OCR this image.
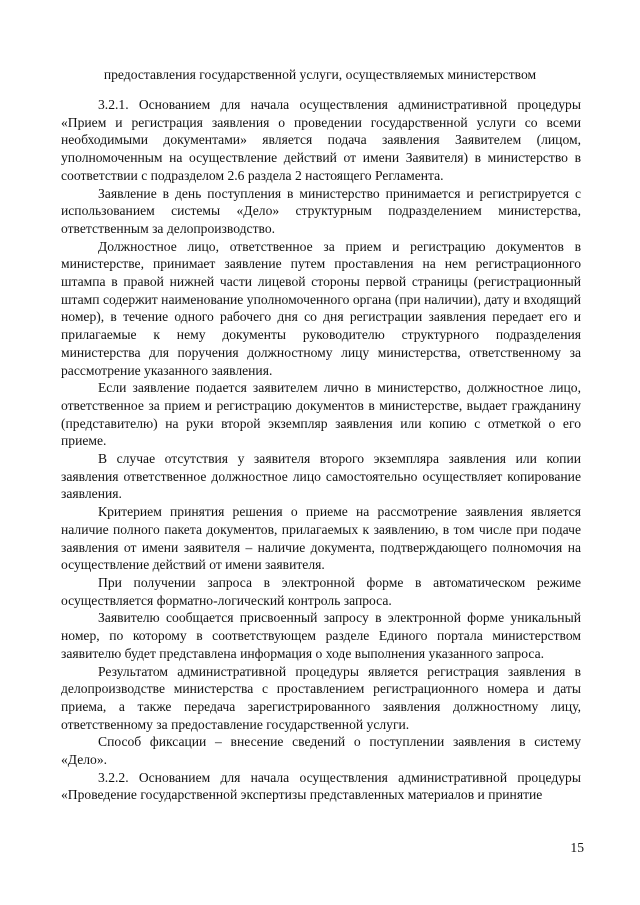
предоставления государственной услуги, осуществляемых министерством

3.2.1. Основанием для начала осуществления административной процедуры «Прием и регистрация заявления о проведении государственной услуги со всеми необходимыми документами» является подача заявления Заявителем (лицом, уполномоченным на осуществление действий от имени Заявителя) в министерство в соответствии с подразделом 2.6 раздела 2 настоящего Регламента.

Заявление в день поступления в министерство принимается и регистрируется с использованием системы «Дело» структурным подразделением министерства, ответственным за делопроизводство.

Должностное лицо, ответственное за прием и регистрацию документов в министерстве, принимает заявление путем проставления на нем регистрационного штампа в правой нижней части лицевой стороны первой страницы (регистрационный штамп содержит наименование уполномоченного органа (при наличии), дату и входящий номер), в течение одного рабочего дня со дня регистрации заявления передает его и прилагаемые к нему документы руководителю структурного подразделения министерства для поручения должностному лицу министерства, ответственному за рассмотрение указанного заявления.

Если заявление подается заявителем лично в министерство, должностное лицо, ответственное за прием и регистрацию документов в министерстве, выдает гражданину (представителю) на руки второй экземпляр заявления или копию с отметкой о его приеме.

В случае отсутствия у заявителя второго экземпляра заявления или копии заявления ответственное должностное лицо самостоятельно осуществляет копирование заявления.

Критерием принятия решения о приеме на рассмотрение заявления является наличие полного пакета документов, прилагаемых к заявлению, в том числе при подаче заявления от имени заявителя – наличие документа, подтверждающего полномочия на осуществление действий от имени заявителя.

При получении запроса в электронной форме в автоматическом режиме осуществляется форматно-логический контроль запроса.

Заявителю сообщается присвоенный запросу в электронной форме уникальный номер, по которому в соответствующем разделе Единого портала министерством заявителю будет представлена информация о ходе выполнения указанного запроса.

Результатом административной процедуры является регистрация заявления в делопроизводстве министерства с проставлением регистрационного номера и даты приема, а также передача зарегистрированного заявления должностному лицу, ответственному за предоставление государственной услуги.

Способ фиксации – внесение сведений о поступлении заявления в систему «Дело».

3.2.2. Основанием для начала осуществления административной процедуры «Проведение государственной экспертизы представленных материалов и принятие

15
